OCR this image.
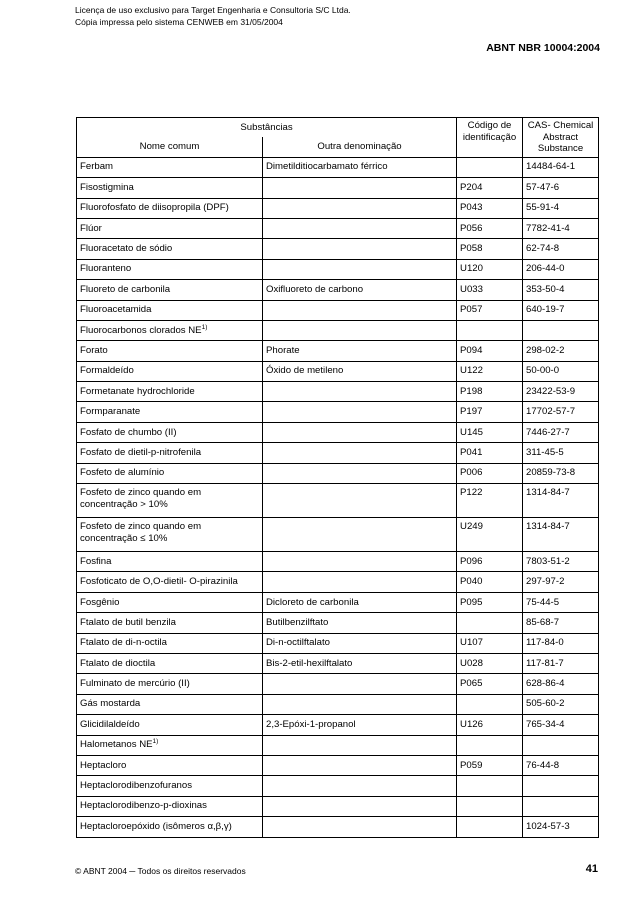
Licença de uso exclusivo para Target Engenharia e Consultoria S/C Ltda.
Cópia impressa pelo sistema CENWEB em 31/05/2004
ABNT NBR 10004:2004
Substâncias		Código de identificação	CAS- Chemical Abstract Substance
Nome comum	Outra denominação		
Ferbam	Dimetilditiocarbamato férrico		14484-64-1
Fisostigmina		P204	57-47-6
Fluorofosfato de diisopropila (DPF)		P043	55-91-4
Flúor		P056	7782-41-4
Fluoracetato de sódio		P058	62-74-8
Fluoranteno		U120	206-44-0
Fluoreto de carbonila	Oxifluoreto de carbono	U033	353-50-4
Fluoroacetamida		P057	640-19-7
Fluorocarbonos clorados NE$^{1)}$			
Forato	Phorate	P094	298-02-2
Formaldeído	Óxido de metileno	U122	50-00-0
Formetanate hydrochloride		P198	23422-53-9
Formparanate		P197	17702-57-7
Fosfato de chumbo (II)		U145	7446-27-7
Fosfato de dietil-p-nitrofenila		P041	311-45-5
Fosfeto de alumínio		P006	20859-73-8
Fosfeto de zinco quando em concentração > 10%		P122	1314-84-7
Fosfeto de zinco quando em concentração ≤ 10%		U249	1314-84-7
Fosfina		P096	7803-51-2
Fosfoticato de O,O-dietil- O-pirazinila		P040	297-97-2
Fosgênio	Dicloreto de carbonila	P095	75-44-5
Ftalato de butil benzila	Butilbenzilftato		85-68-7
Ftalato de di-n-octila	Di-n-octilftalato	U107	117-84-0
Ftalato de dioctila	Bis-2-etil-hexilftalato	U028	117-81-7
Fulminato de mercúrio (II)		P065	628-86-4
Gás mostarda			505-60-2
Glicidilaldeído	2,3-Epóxi-1-propanol	U126	765-34-4
Halometanos NE$^{1)}$			
Heptacloro		P059	76-44-8
Heptaclorodibenzofuranos			
Heptaclorodibenzo-p-dioxinas			
Heptacloroepóxido (isômeros α,β,γ)			1024-57-3
© ABNT 2004 ─ Todos os direitos reservados	41
